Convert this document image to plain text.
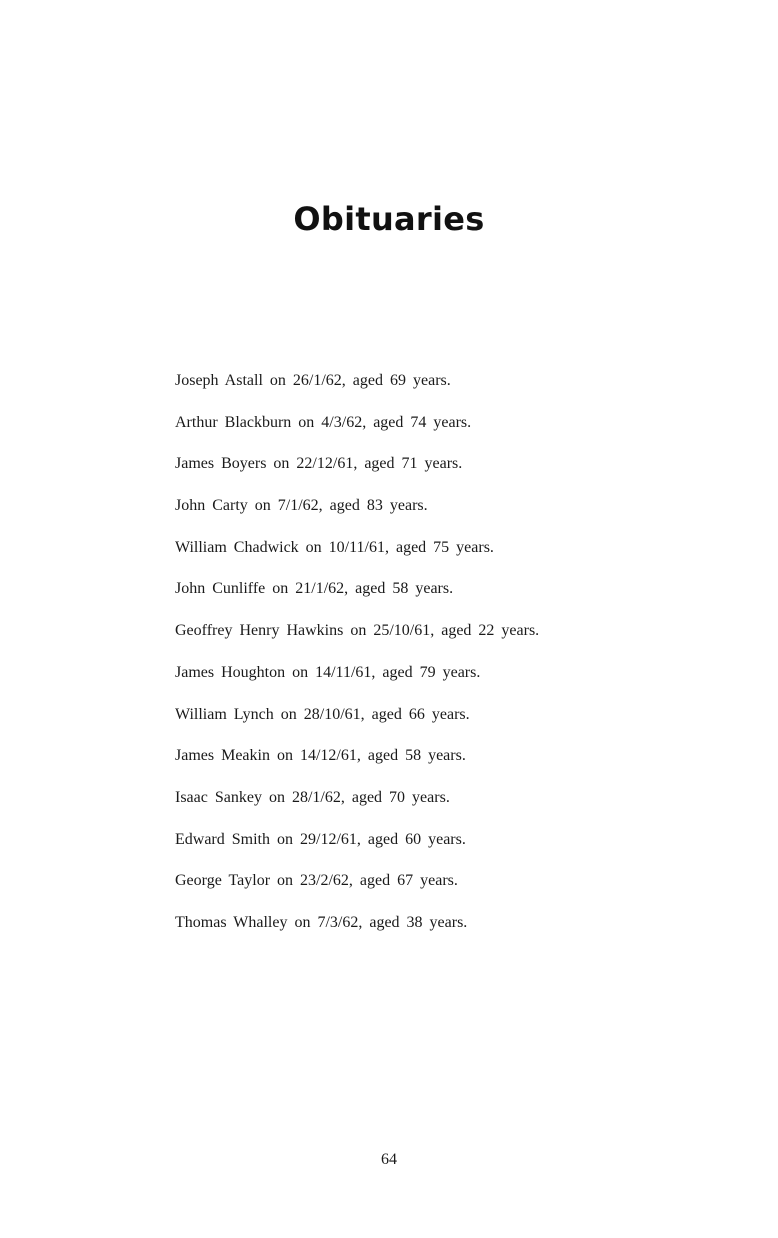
Obituaries
Joseph Astall on 26/1/62, aged 69 years.
Arthur Blackburn on 4/3/62, aged 74 years.
James Boyers on 22/12/61, aged 71 years.
John Carty on 7/1/62, aged 83 years.
William Chadwick on 10/11/61, aged 75 years.
John Cunliffe on 21/1/62, aged 58 years.
Geoffrey Henry Hawkins on 25/10/61, aged 22 years.
James Houghton on 14/11/61, aged 79 years.
William Lynch on 28/10/61, aged 66 years.
James Meakin on 14/12/61, aged 58 years.
Isaac Sankey on 28/1/62, aged 70 years.
Edward Smith on 29/12/61, aged 60 years.
George Taylor on 23/2/62, aged 67 years.
Thomas Whalley on 7/3/62, aged 38 years.
64
